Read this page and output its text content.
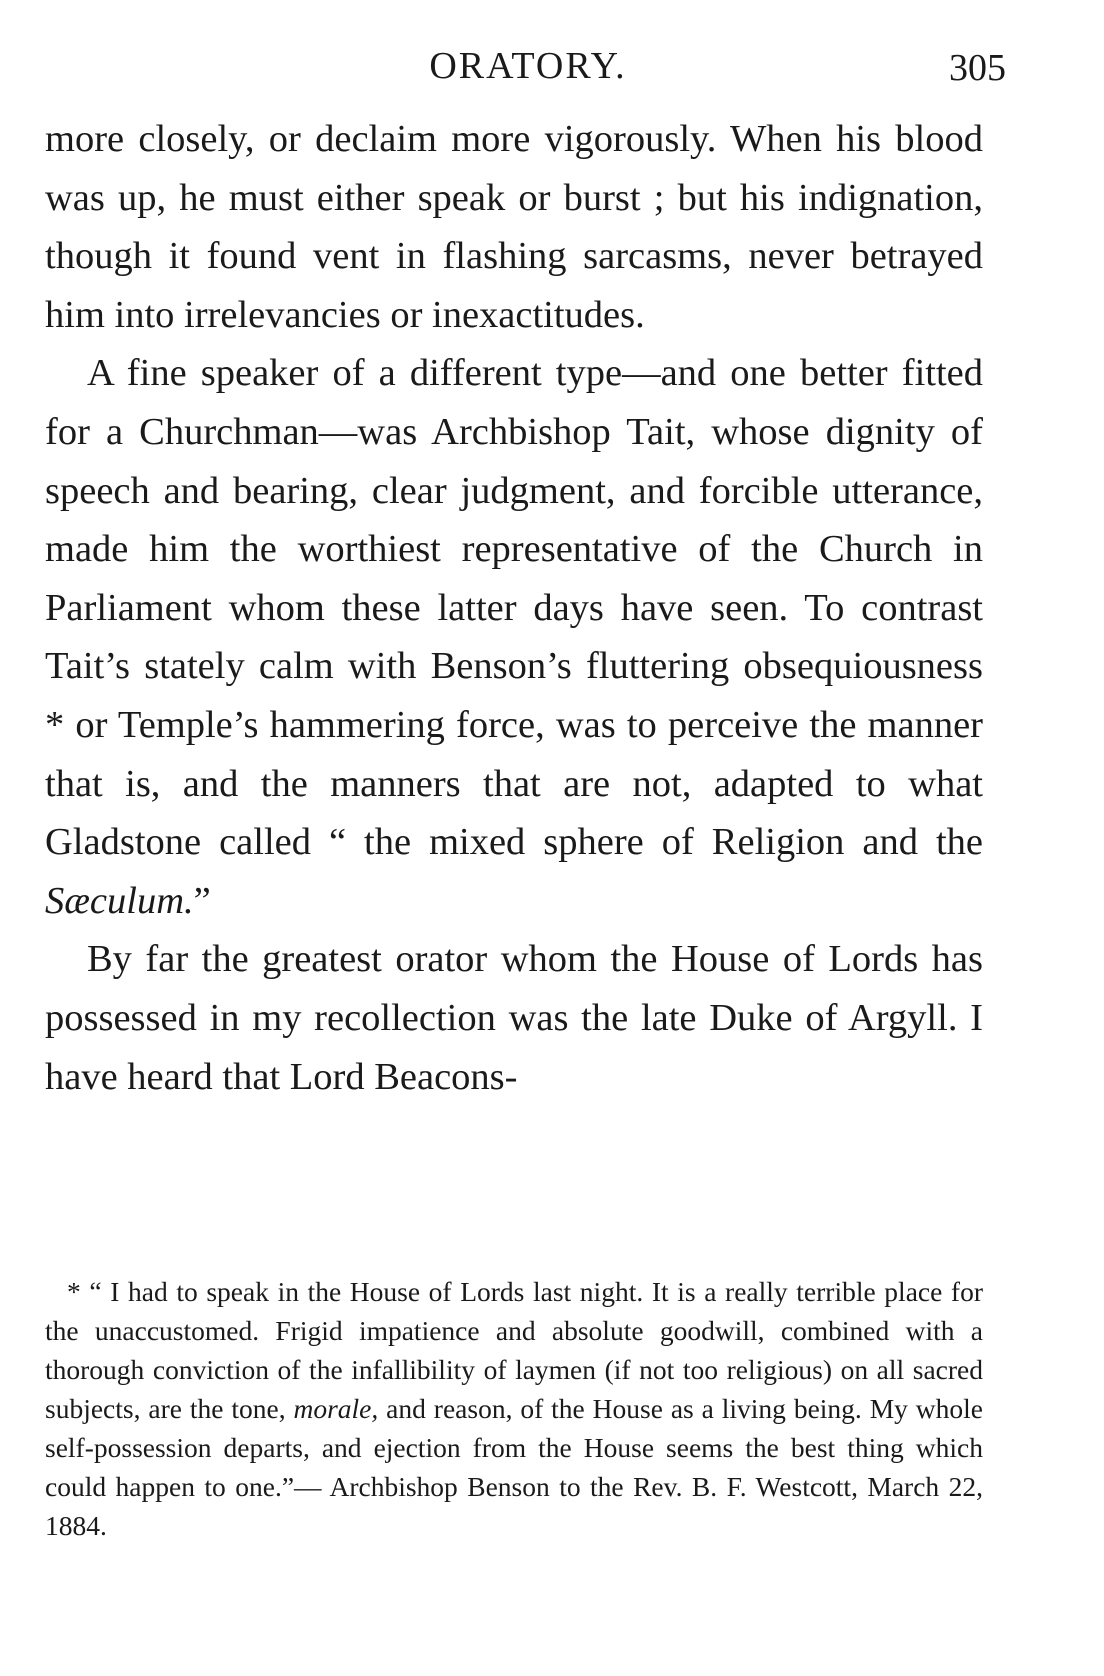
ORATORY.	305

more closely, or declaim more vigorously. When his blood was up, he must either speak or burst ; but his indignation, though it found vent in flashing sarcasms, never betrayed him into irrelevancies or inexactitudes.

A fine speaker of a different type—and one better fitted for a Churchman—was Archbishop Tait, whose dignity of speech and bearing, clear judgment, and forcible utterance, made him the worthiest representative of the Church in Parliament whom these latter days have seen. To contrast Tait’s stately calm with Benson’s fluttering obsequiousness * or Temple’s hammering force, was to perceive the manner that is, and the manners that are not, adapted to what Gladstone called “ the mixed sphere of Religion and the Sæculum.”

By far the greatest orator whom the House of Lords has possessed in my recollection was the late Duke of Argyll. I have heard that Lord Beacons-

* “ I had to speak in the House of Lords last night. It is a really terrible place for the unaccustomed. Frigid impatience and absolute goodwill, combined with a thorough conviction of the infallibility of laymen (if not too religious) on all sacred subjects, are the tone, morale, and reason, of the House as a living being. My whole self-possession departs, and ejection from the House seems the best thing which could happen to one.”— Archbishop Benson to the Rev. B. F. Westcott, March 22, 1884.
